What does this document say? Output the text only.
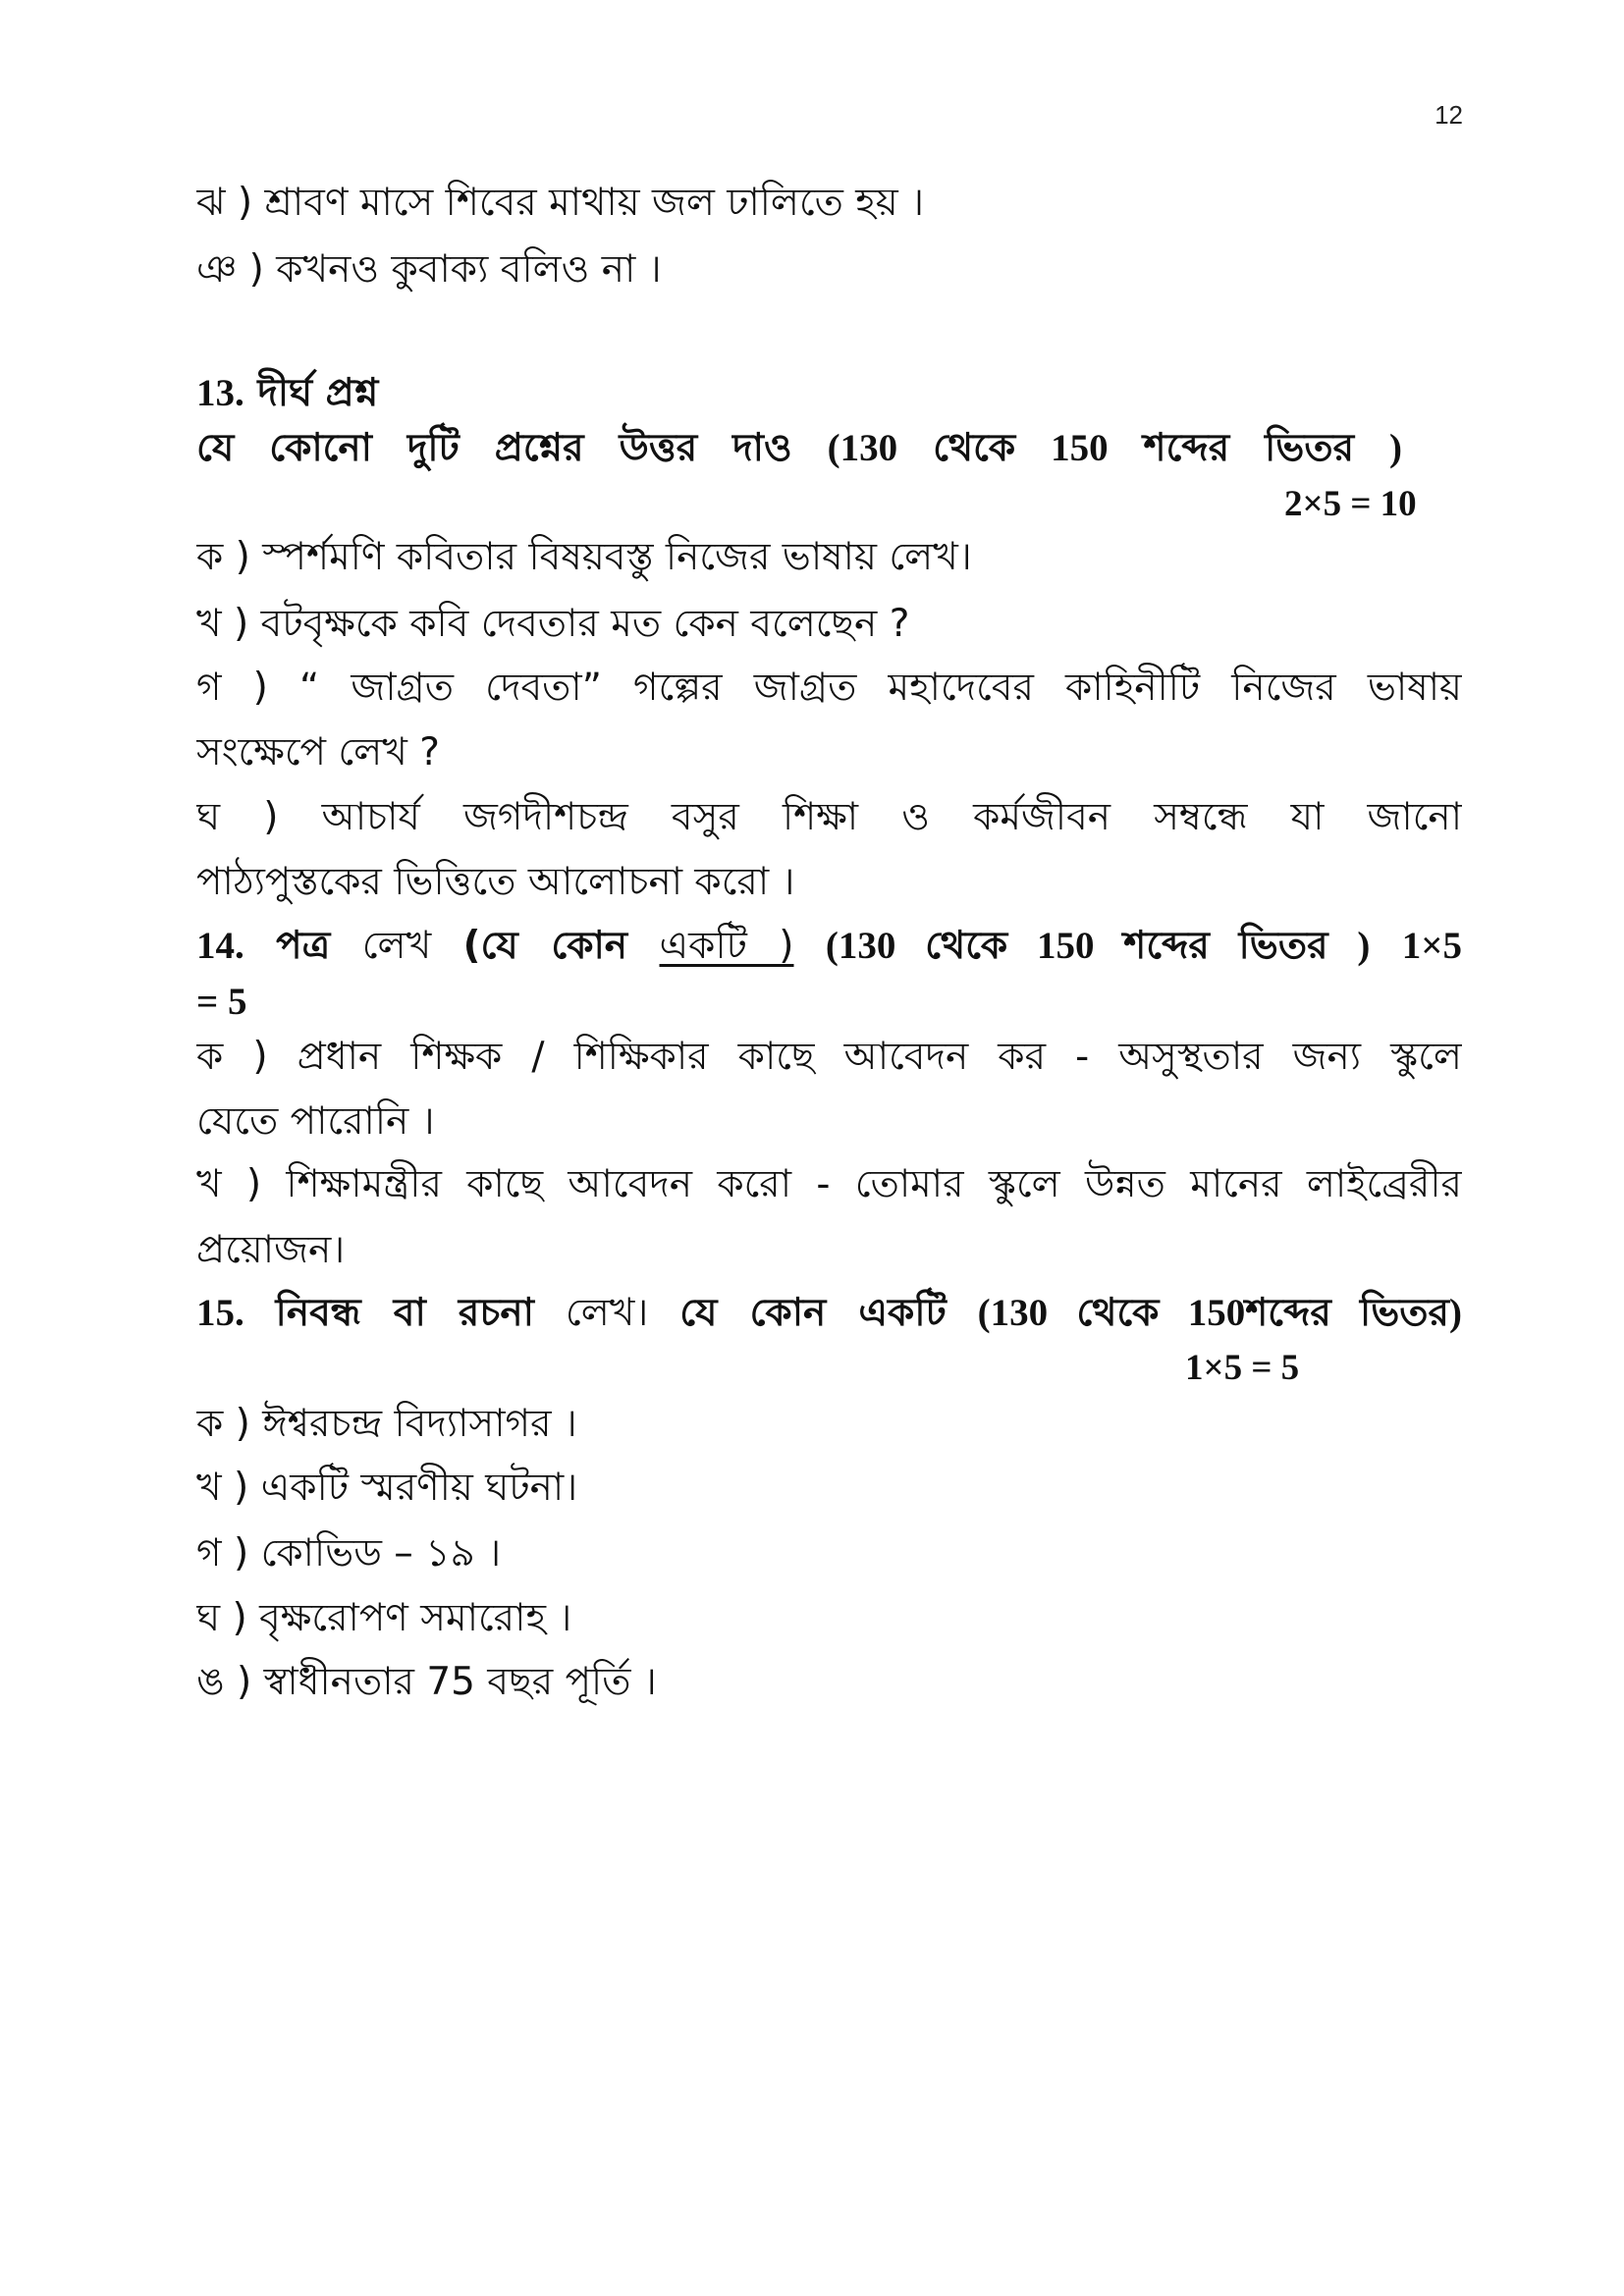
12
ঝ ) শ্রাবণ মাসে শিবের মাথায় জল ঢালিতে হয় ।
ঞ ) কখনও কুবাক্য বলিও না ।
13. দীর্ঘ প্রশ্ন
যে কোনো দুটি প্রশ্নের উত্তর দাও (130 থেকে 150 শব্দের ভিতর )
2×5 = 10
ক ) স্পর্শমণি কবিতার বিষয়বস্তু নিজের ভাষায় লেখ।
খ ) বটবৃক্ষকে কবি দেবতার মত কেন বলেছেন ?
গ ) “ জাগ্রত দেবতা” গল্পের জাগ্রত মহাদেবের কাহিনীটি নিজের ভাষায়
সংক্ষেপে লেখ ?
ঘ ) আচার্য জগদীশচন্দ্র বসুর শিক্ষা ও কর্মজীবন সম্বন্ধে যা জানো
পাঠ্যপুস্তকের ভিত্তিতে আলোচনা করো ।
14. পত্র লেখ (যে কোন একটি ) (130 থেকে 150 শব্দের ভিতর ) 1×5
= 5
ক ) প্রধান শিক্ষক / শিক্ষিকার কাছে আবেদন কর - অসুস্থতার জন্য স্কুলে
যেতে পারোনি ।
খ ) শিক্ষামন্ত্রীর কাছে আবেদন করো - তোমার স্কুলে উন্নত মানের লাইব্রেরীর
প্রয়োজন।
15. নিবন্ধ বা রচনা লেখ। যে কোন একটি (130 থেকে 150শব্দের ভিতর)
1×5 = 5
ক ) ঈশ্বরচন্দ্র বিদ্যাসাগর ।
খ ) একটি স্মরণীয় ঘটনা।
গ ) কোভিড – ১৯ ।
ঘ ) বৃক্ষরোপণ সমারোহ ।
ঙ ) স্বাধীনতার 75 বছর পূর্তি ।
